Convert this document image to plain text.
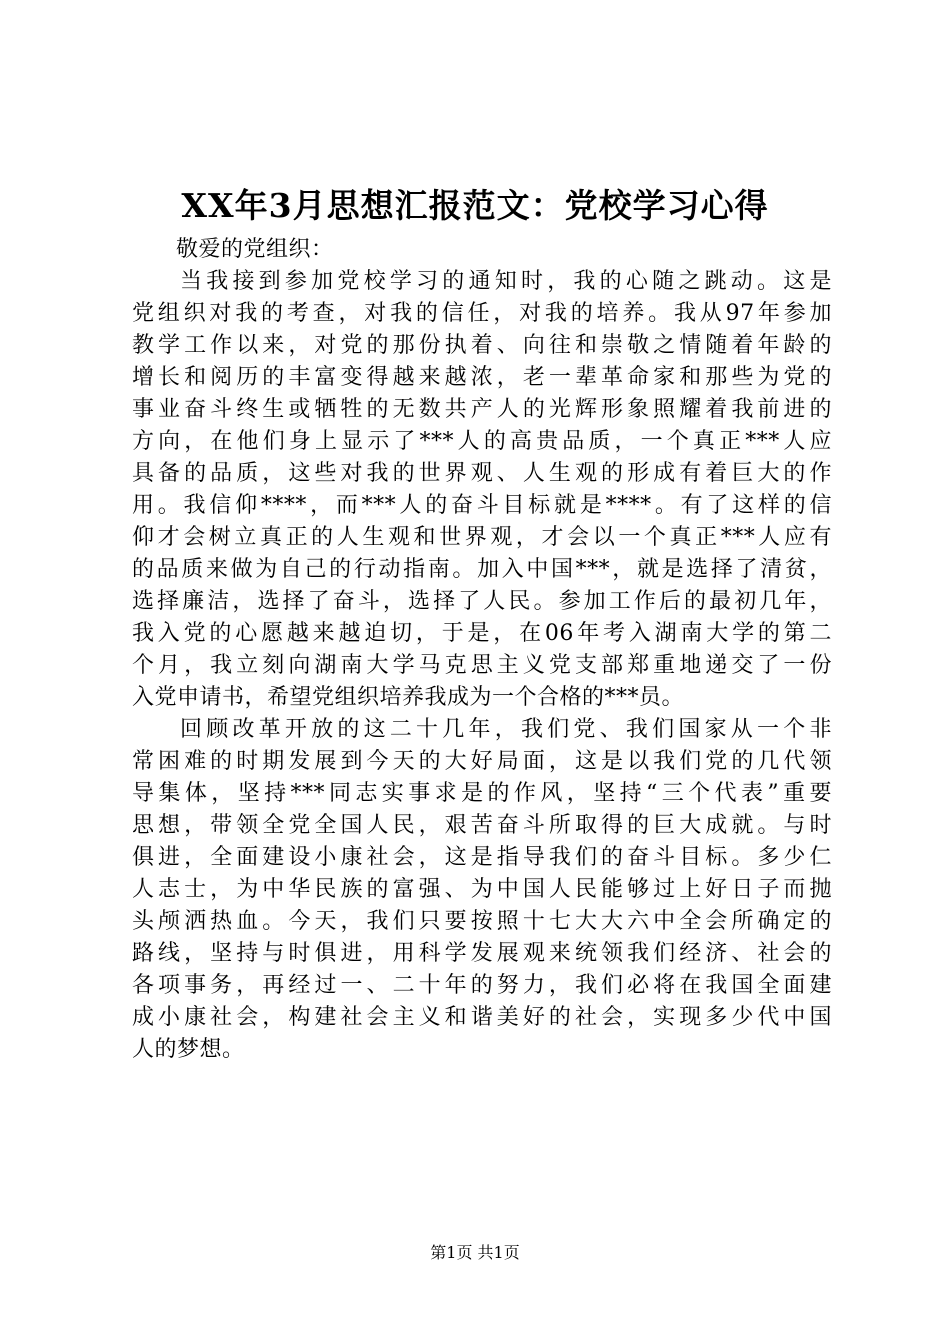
XX年3月思想汇报范文：党校学习心得
敬爱的党组织：
当我接到参加党校学习的通知时，我的心随之跳动。这是
党组织对我的考查，对我的信任，对我的培养。我从97年参加
教学工作以来，对党的那份执着、向往和崇敬之情随着年龄的
增长和阅历的丰富变得越来越浓，老一辈革命家和那些为党的
事业奋斗终生或牺牲的无数共产人的光辉形象照耀着我前进的
方向，在他们身上显示了***人的高贵品质，一个真正***人应
具备的品质，这些对我的世界观、人生观的形成有着巨大的作
用。我信仰****，而***人的奋斗目标就是****。有了这样的信
仰才会树立真正的人生观和世界观，才会以一个真正***人应有
的品质来做为自己的行动指南。加入中国***，就是选择了清贫，
选择廉洁，选择了奋斗，选择了人民。参加工作后的最初几年，
我入党的心愿越来越迫切，于是，在06年考入湖南大学的第二
个月，我立刻向湖南大学马克思主义党支部郑重地递交了一份
入党申请书，希望党组织培养我成为一个合格的***员。
回顾改革开放的这二十几年，我们党、我们国家从一个非
常困难的时期发展到今天的大好局面，这是以我们党的几代领
导集体，坚持***同志实事求是的作风，坚持“三个代表”重要
思想，带领全党全国人民，艰苦奋斗所取得的巨大成就。与时
俱进，全面建设小康社会，这是指导我们的奋斗目标。多少仁
人志士，为中华民族的富强、为中国人民能够过上好日子而抛
头颅洒热血。今天，我们只要按照十七大大六中全会所确定的
路线，坚持与时俱进，用科学发展观来统领我们经济、社会的
各项事务，再经过一、二十年的努力，我们必将在我国全面建
成小康社会，构建社会主义和谐美好的社会，实现多少代中国
人的梦想。
第1页 共1页
